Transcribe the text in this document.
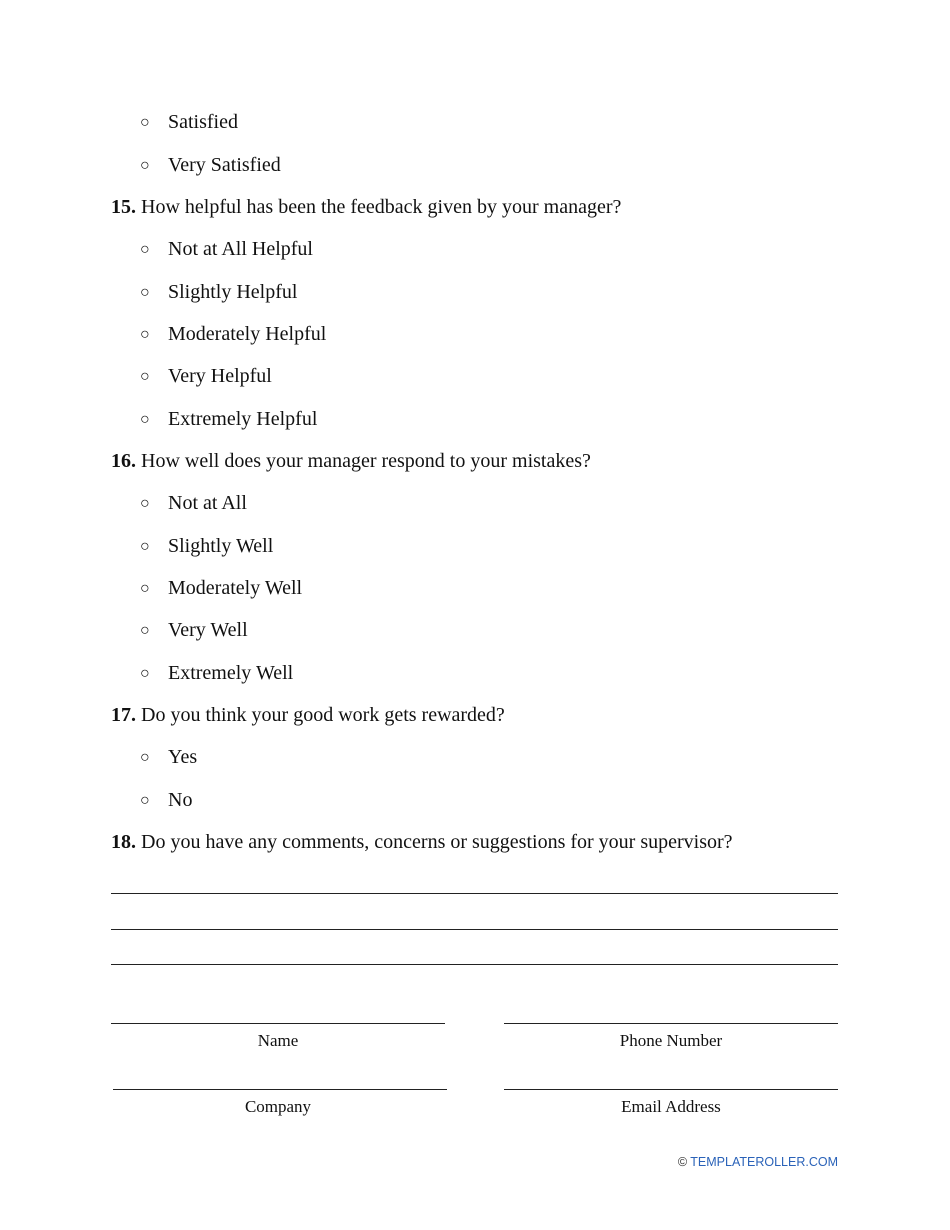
○ Satisfied
○ Very Satisfied
15. How helpful has been the feedback given by your manager?
○ Not at All Helpful
○ Slightly Helpful
○ Moderately Helpful
○ Very Helpful
○ Extremely Helpful
16. How well does your manager respond to your mistakes?
○ Not at All
○ Slightly Well
○ Moderately Well
○ Very Well
○ Extremely Well
17. Do you think your good work gets rewarded?
○ Yes
○ No
18. Do you have any comments, concerns or suggestions for your supervisor?
Name	Phone Number
Company	Email Address
© TEMPLATEROLLER.COM
